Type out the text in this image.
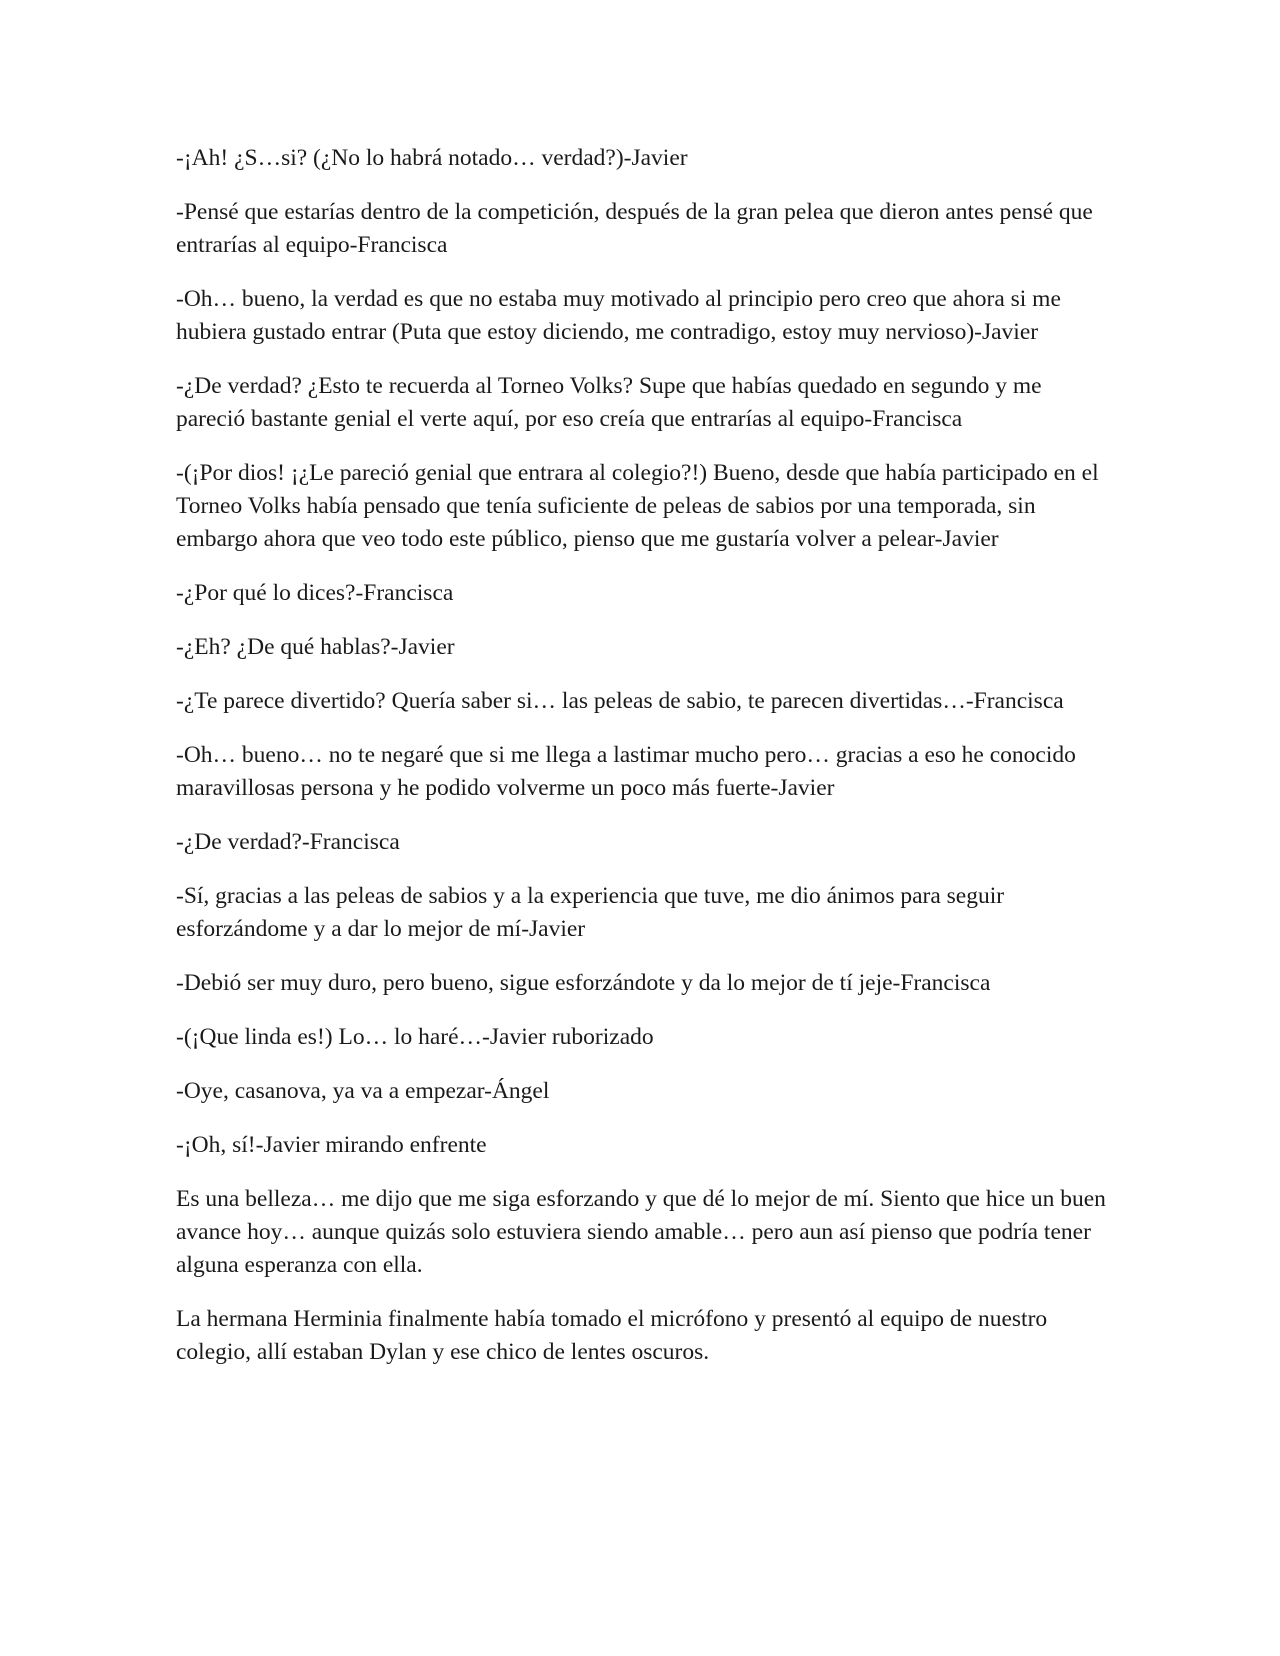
-¡Ah! ¿S…si? (¿No lo habrá notado… verdad?)-Javier

-Pensé que estarías dentro de la competición, después de la gran pelea que dieron antes pensé que entrarías al equipo-Francisca

-Oh… bueno, la verdad es que no estaba muy motivado al principio pero creo que ahora si me hubiera gustado entrar (Puta que estoy diciendo, me contradigo, estoy muy nervioso)-Javier

-¿De verdad? ¿Esto te recuerda al Torneo Volks? Supe que habías quedado en segundo y me pareció bastante genial el verte aquí, por eso creía que entrarías al equipo-Francisca

-(¡Por dios! ¡¿Le pareció genial que entrara al colegio?!) Bueno, desde que había participado en el Torneo Volks había pensado que tenía suficiente de peleas de sabios por una temporada, sin embargo ahora que veo todo este público, pienso que me gustaría volver a pelear-Javier

-¿Por qué lo dices?-Francisca

-¿Eh? ¿De qué hablas?-Javier

-¿Te parece divertido? Quería saber si… las peleas de sabio, te parecen divertidas…-Francisca

-Oh… bueno… no te negaré que si me llega a lastimar mucho pero… gracias a eso he conocido maravillosas persona y he podido volverme un poco más fuerte-Javier

-¿De verdad?-Francisca

-Sí, gracias a las peleas de sabios y a la experiencia que tuve, me dio ánimos para seguir esforzándome y a dar lo mejor de mí-Javier

-Debió ser muy duro, pero bueno, sigue esforzándote y da lo mejor de tí jeje-Francisca

-(¡Que linda es!) Lo… lo haré…-Javier ruborizado

-Oye, casanova, ya va a empezar-Ángel

-¡Oh, sí!-Javier mirando enfrente

Es una belleza… me dijo que me siga esforzando y que dé lo mejor de mí. Siento que hice un buen avance hoy… aunque quizás solo estuviera siendo amable… pero aun así pienso que podría tener alguna esperanza con ella.

La hermana Herminia finalmente había tomado el micrófono y presentó al equipo de nuestro colegio, allí estaban Dylan y ese chico de lentes oscuros.
